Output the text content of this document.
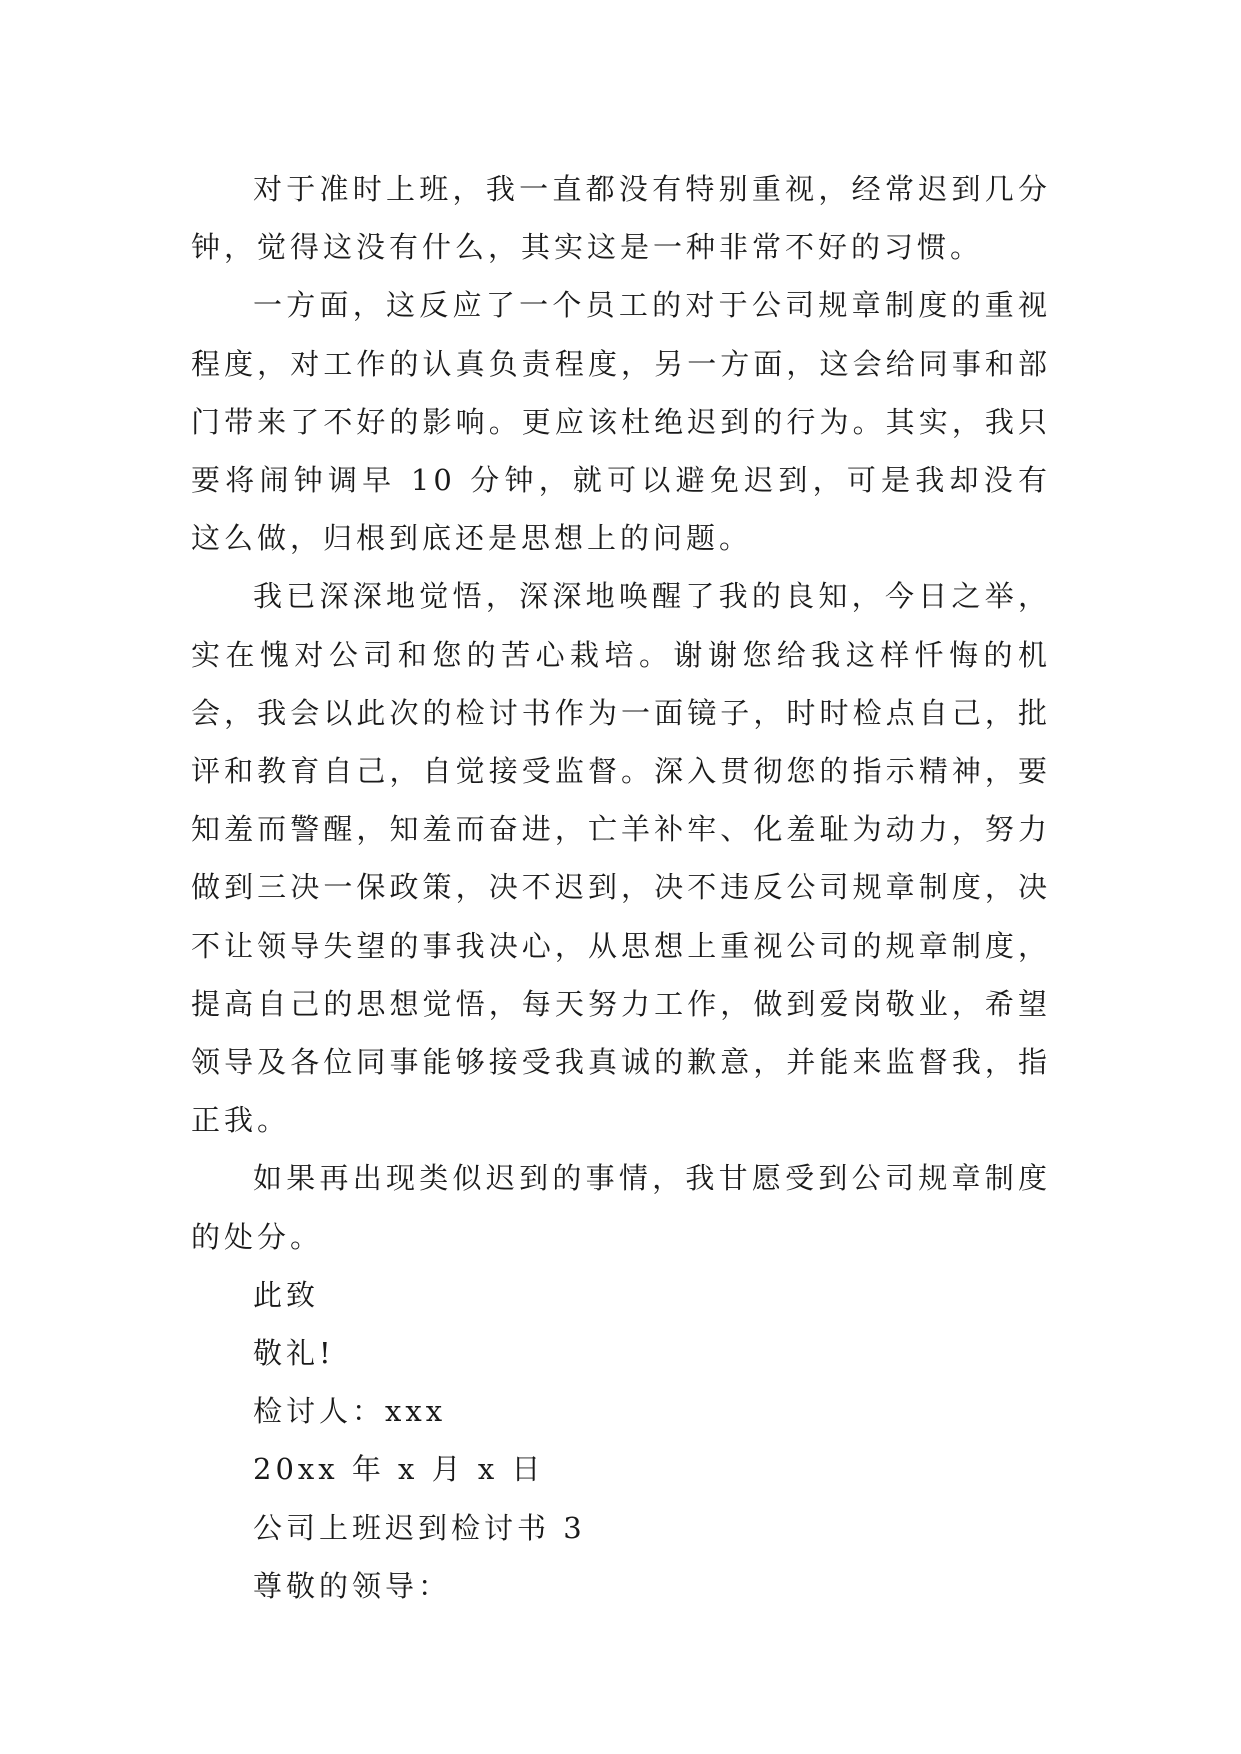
对于准时上班，我一直都没有特别重视，经常迟到几分钟，觉得这没有什么，其实这是一种非常不好的习惯。

一方面，这反应了一个员工的对于公司规章制度的重视程度，对工作的认真负责程度，另一方面，这会给同事和部门带来了不好的影响。更应该杜绝迟到的行为。其实，我只要将闹钟调早 10 分钟，就可以避免迟到，可是我却没有这么做，归根到底还是思想上的问题。

我已深深地觉悟，深深地唤醒了我的良知，今日之举，实在愧对公司和您的苦心栽培。谢谢您给我这样忏悔的机会，我会以此次的检讨书作为一面镜子，时时检点自己，批评和教育自己，自觉接受监督。深入贯彻您的指示精神，要知羞而警醒，知羞而奋进，亡羊补牢、化羞耻为动力，努力做到三决一保政策，决不迟到，决不违反公司规章制度，决不让领导失望的事我决心，从思想上重视公司的规章制度，提高自己的思想觉悟，每天努力工作，做到爱岗敬业，希望领导及各位同事能够接受我真诚的歉意，并能来监督我，指正我。

如果再出现类似迟到的事情，我甘愿受到公司规章制度的处分。

此致

敬礼!

检讨人：xxx

20xx 年 x 月 x 日

公司上班迟到检讨书 3

尊敬的领导：
